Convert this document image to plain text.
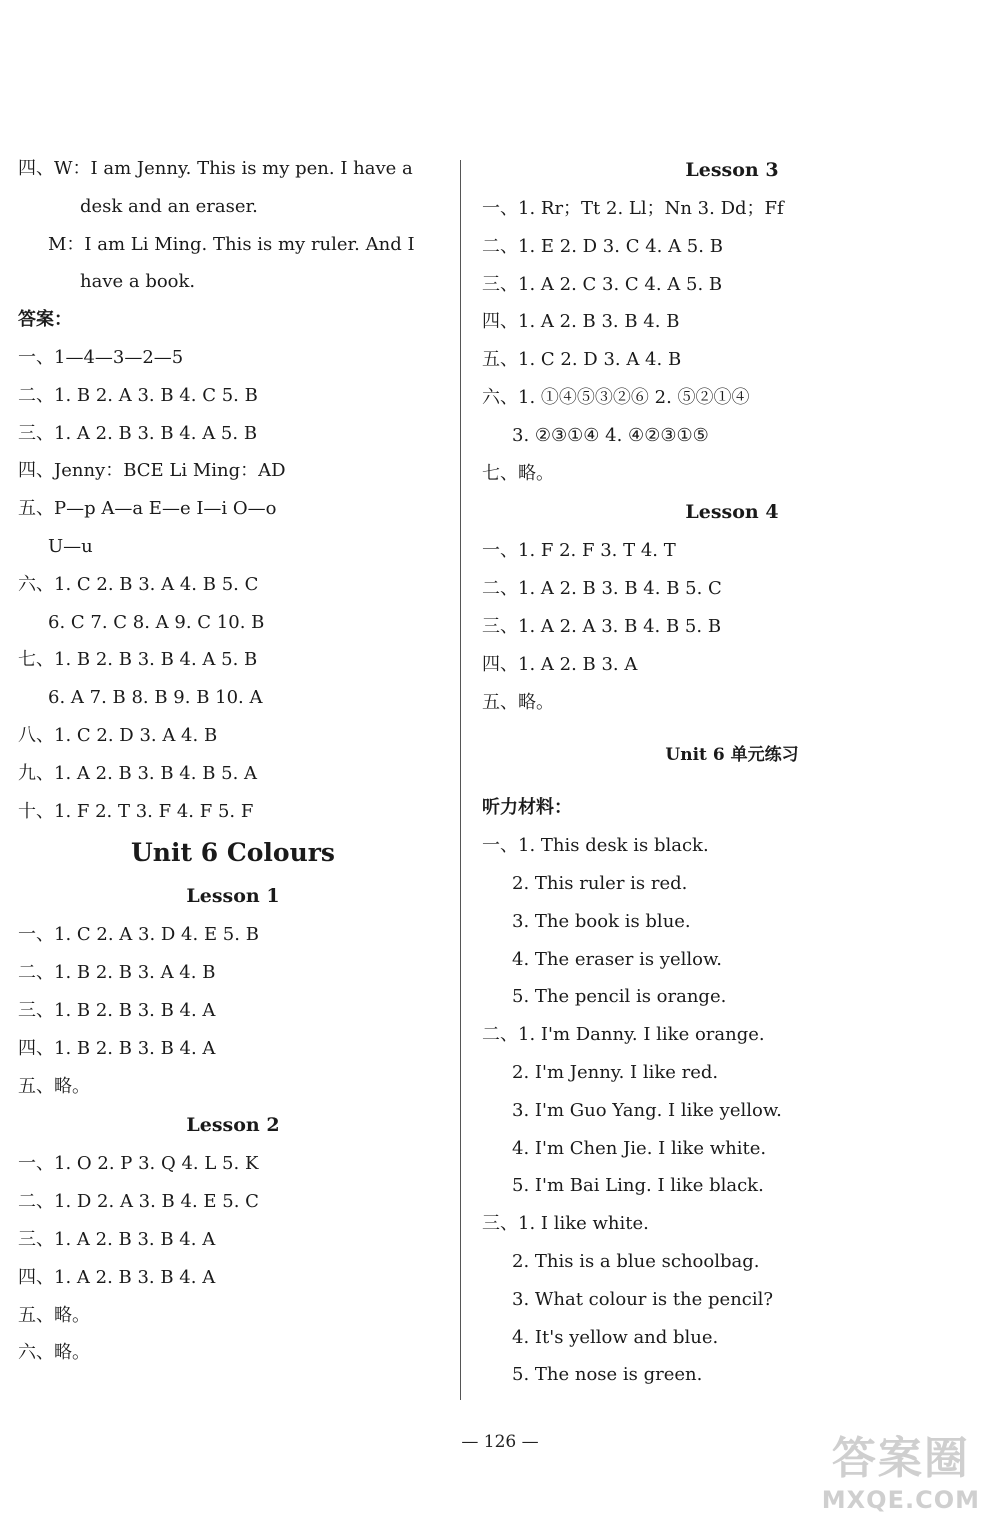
四、W：I am Jenny. This is my pen. I have a
desk and an eraser.
M：I am Li Ming. This is my ruler. And I
have a book.
答案：
一、1—4—3—2—5
二、1. B 2. A 3. B 4. C 5. B
三、1. A 2. B 3. B 4. A 5. B
四、Jenny：BCE Li Ming：AD
五、P—p A—a E—e I—i O—o
U—u
六、1. C 2. B 3. A 4. B 5. C
6. C 7. C 8. A 9. C 10. B
七、1. B 2. B 3. B 4. A 5. B
6. A 7. B 8. B 9. B 10. A
八、1. C 2. D 3. A 4. B
九、1. A 2. B 3. B 4. B 5. A
十、1. F 2. T 3. F 4. F 5. F
Unit 6 Colours
Lesson 1
一、1. C 2. A 3. D 4. E 5. B
二、1. B 2. B 3. A 4. B
三、1. B 2. B 3. B 4. A
四、1. B 2. B 3. B 4. A
五、略。
Lesson 2
一、1. O 2. P 3. Q 4. L 5. K
二、1. D 2. A 3. B 4. E 5. C
三、1. A 2. B 3. B 4. A
四、1. A 2. B 3. B 4. A
五、略。
六、略。
Lesson 3
一、1. Rr；Tt 2. Ll；Nn 3. Dd；Ff
二、1. E 2. D 3. C 4. A 5. B
三、1. A 2. C 3. C 4. A 5. B
四、1. A 2. B 3. B 4. B
五、1. C 2. D 3. A 4. B
六、1. ①④⑤③②⑥ 2. ⑤②①④
3. ②③①④ 4. ④②③①⑤
七、略。
Lesson 4
一、1. F 2. F 3. T 4. T
二、1. A 2. B 3. B 4. B 5. C
三、1. A 2. A 3. B 4. B 5. B
四、1. A 2. B 3. A
五、略。
Unit 6 单元练习
听力材料：
一、1. This desk is black.
2. This ruler is red.
3. The book is blue.
4. The eraser is yellow.
5. The pencil is orange.
二、1. I'm Danny. I like orange.
2. I'm Jenny. I like red.
3. I'm Guo Yang. I like yellow.
4. I'm Chen Jie. I like white.
5. I'm Bai Ling. I like black.
三、1. I like white.
2. This is a blue schoolbag.
3. What colour is the pencil?
4. It's yellow and blue.
5. The nose is green.
— 126 —	答案圈
MXQE.COM
